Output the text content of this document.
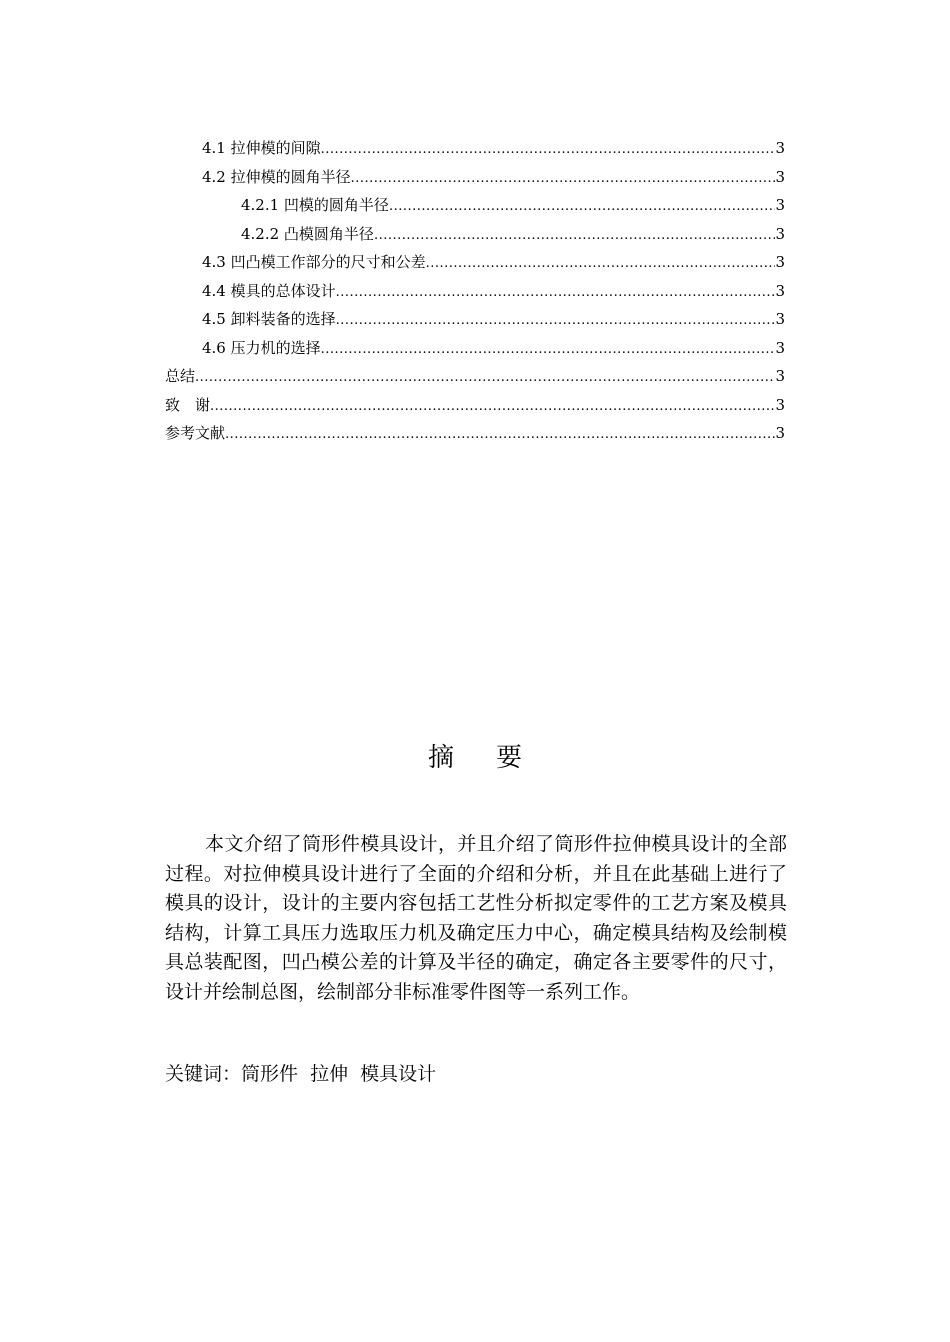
4.1 拉伸模的间隙 .....	3
4.2 拉伸模的圆角半径 .....	3
4.2.1 凹模的圆角半径 .....	3
4.2.2 凸模圆角半径 .....	3
4.3 凹凸模工作部分的尺寸和公差 .....	3
4.4 模具的总体设计 .....	3
4.5 卸料装备的选择 .....	3
4.6 压力机的选择 .....	3
总结 .....	3
致　谢 .....	3
参考文献 .....	3
摘要

本文介绍了筒形件模具设计，并且介绍了筒形件拉伸模具设计的全部过程。对拉伸模具设计进行了全面的介绍和分析，并且在此基础上进行了模具的设计，设计的主要内容包括工艺性分析拟定零件的工艺方案及模具结构，计算工具压力选取压力机及确定压力中心，确定模具结构及绘制模具总装配图，凹凸模公差的计算及半径的确定，确定各主要零件的尺寸，设计并绘制总图，绘制部分非标准零件图等一系列工作。

关键词：筒形件  拉伸  模具设计
